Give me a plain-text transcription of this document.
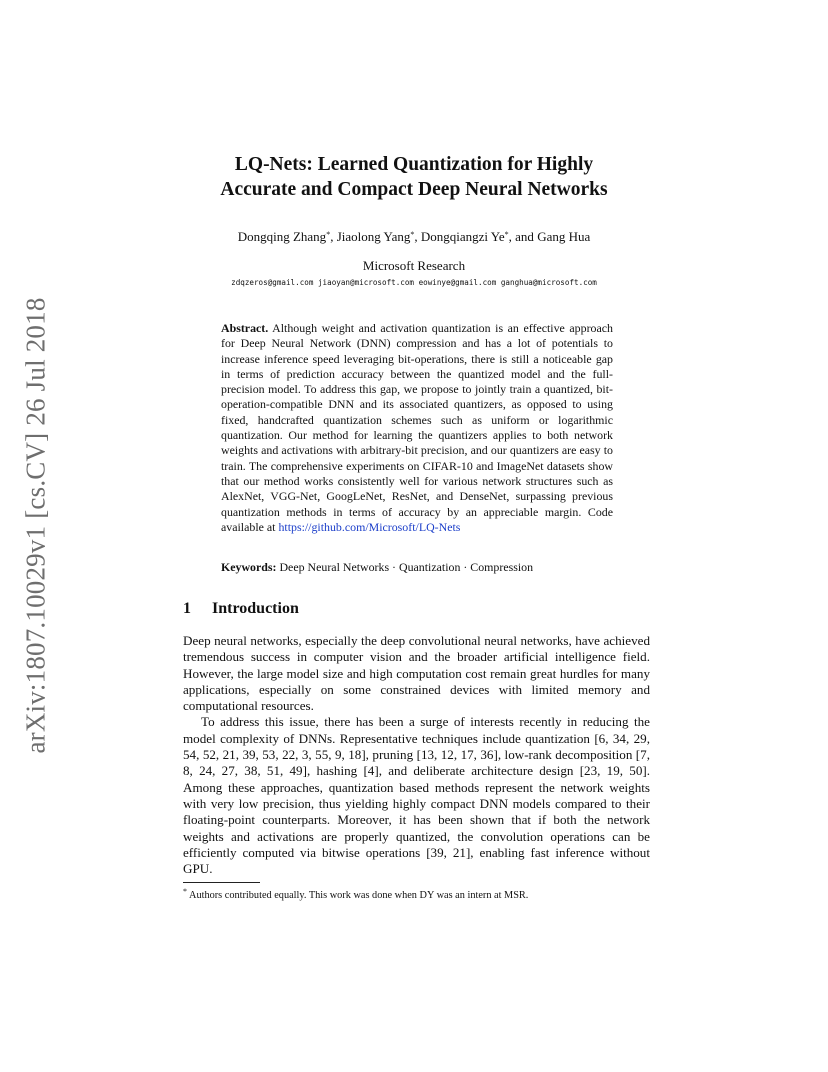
arXiv:1807.10029v1 [cs.CV] 26 Jul 2018
LQ-Nets: Learned Quantization for Highly
Accurate and Compact Deep Neural Networks
Dongqing Zhang*, Jiaolong Yang*, Dongqiangzi Ye*, and Gang Hua
Microsoft Research
zdqzeros@gmail.com jiaoyan@microsoft.com eowinye@gmail.com ganghua@microsoft.com
Abstract. Although weight and activation quantization is an effective approach for Deep Neural Network (DNN) compression and has a lot of potentials to increase inference speed leveraging bit-operations, there is still a noticeable gap in terms of prediction accuracy between the quantized model and the full-precision model. To address this gap, we propose to jointly train a quantized, bit-operation-compatible DNN and its associated quantizers, as opposed to using fixed, handcrafted quantization schemes such as uniform or logarithmic quantization. Our method for learning the quantizers applies to both network weights and activations with arbitrary-bit precision, and our quantizers are easy to train. The comprehensive experiments on CIFAR-10 and ImageNet datasets show that our method works consistently well for various network structures such as AlexNet, VGG-Net, GoogLeNet, ResNet, and DenseNet, surpassing previous quantization methods in terms of accuracy by an appreciable margin. Code available at https://github.com/Microsoft/LQ-Nets
Keywords: Deep Neural Networks · Quantization · Compression
1 Introduction

Deep neural networks, especially the deep convolutional neural networks, have achieved tremendous success in computer vision and the broader artificial intelligence field. However, the large model size and high computation cost remain great hurdles for many applications, especially on some constrained devices with limited memory and computational resources.

To address this issue, there has been a surge of interests recently in reducing the model complexity of DNNs. Representative techniques include quantization [6, 34, 29, 54, 52, 21, 39, 53, 22, 3, 55, 9, 18], pruning [13, 12, 17, 36], low-rank decomposition [7, 8, 24, 27, 38, 51, 49], hashing [4], and deliberate architecture design [23, 19, 50]. Among these approaches, quantization based methods represent the network weights with very low precision, thus yielding highly compact DNN models compared to their floating-point counterparts. Moreover, it has been shown that if both the network weights and activations are properly quantized, the convolution operations can be efficiently computed via bitwise operations [39, 21], enabling fast inference without GPU.

* Authors contributed equally. This work was done when DY was an intern at MSR.
